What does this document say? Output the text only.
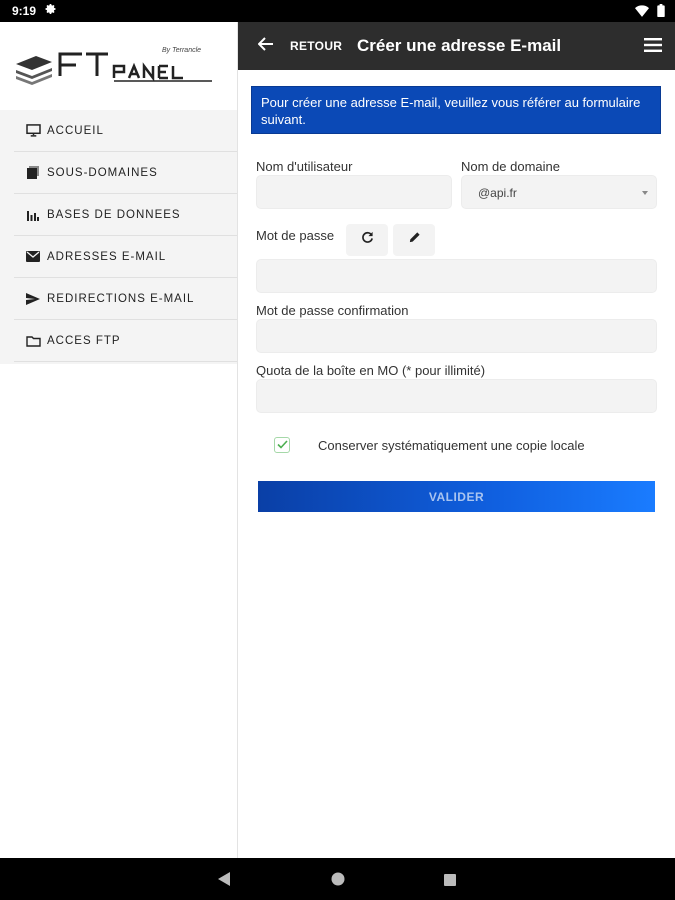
9:19
By Terrancle
ACCUEIL
SOUS-DOMAINES
BASES DE DONNEES
ADRESSES E-MAIL
REDIRECTIONS E-MAIL
ACCES FTP
RETOUR Créer une adresse E-mail
Pour créer une adresse E-mail, veuillez vous référer au formulaire suivant.
Nom d'utilisateur	Nom de domaine
@api.fr
Mot de passe
Mot de passe confirmation
Quota de la boîte en MO (* pour illimité)
Conserver systématiquement une copie locale
VALIDER
